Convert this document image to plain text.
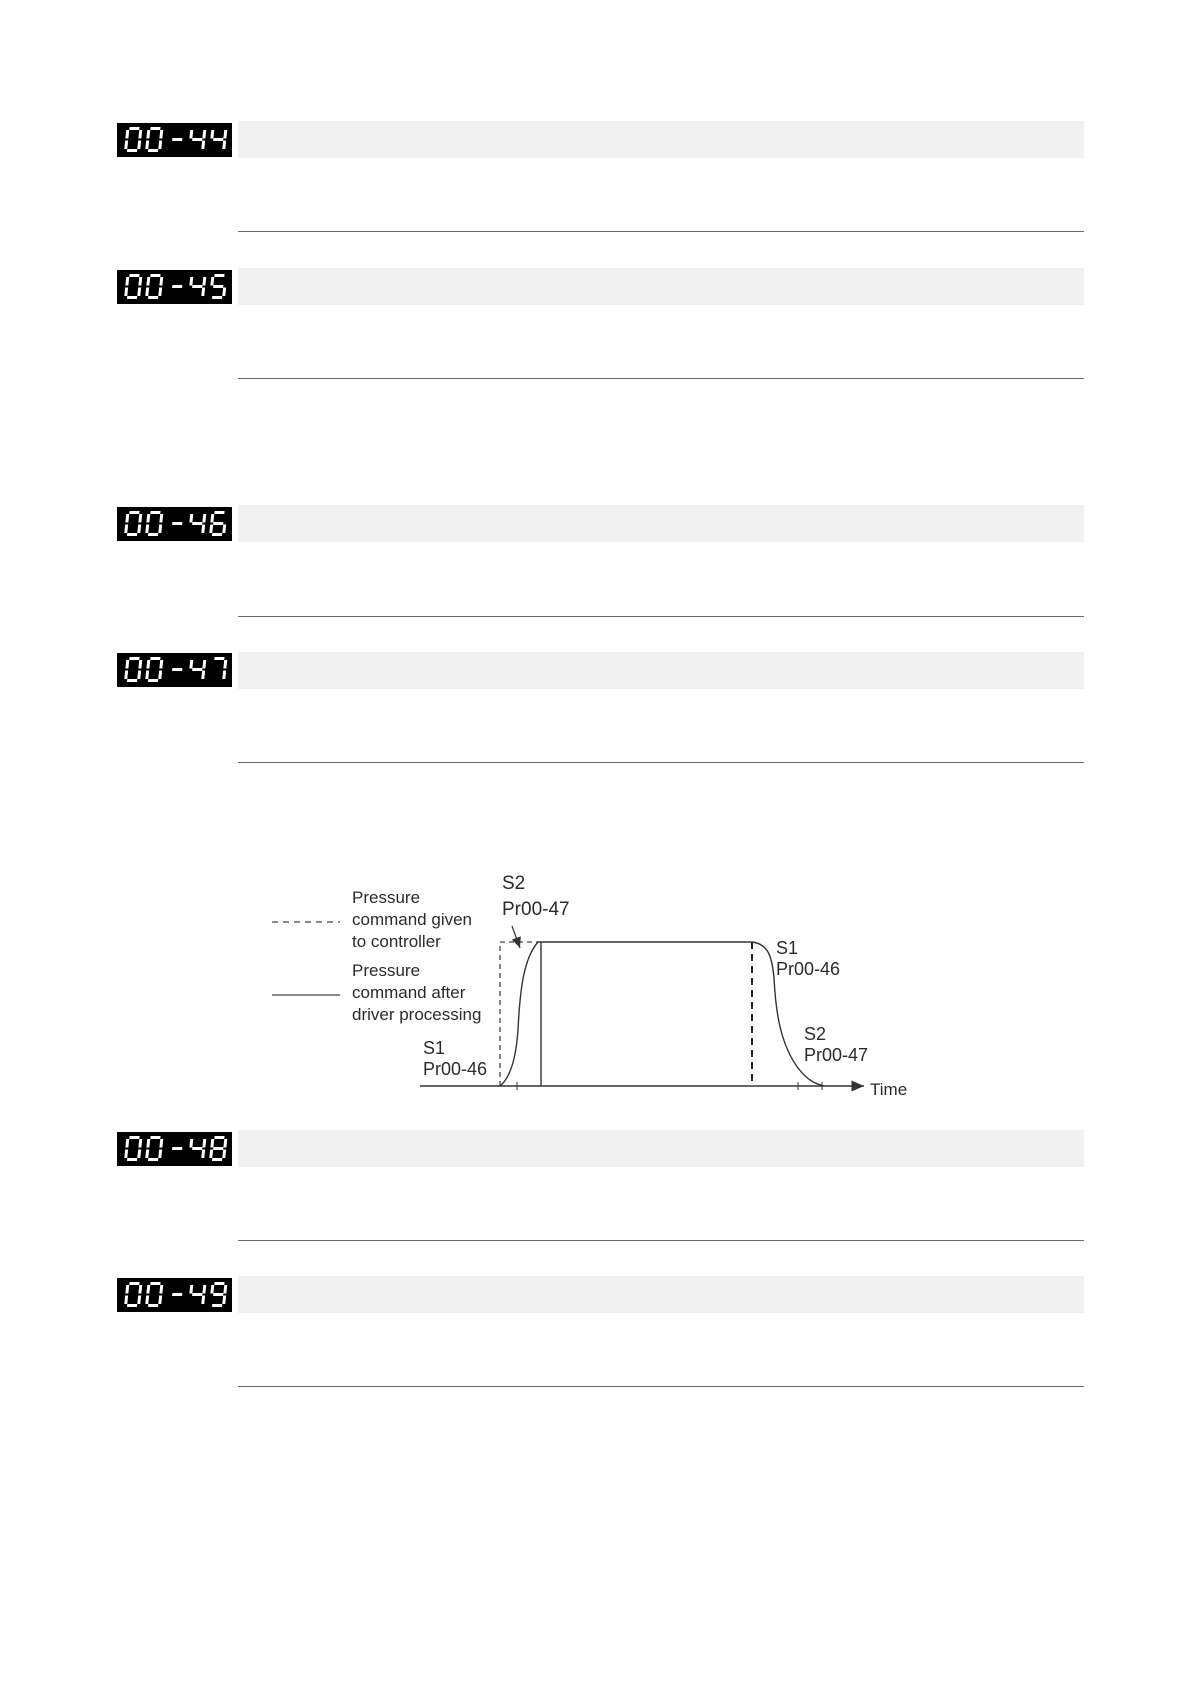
Pressure
command given
to controller
Pressure
command after
driver processing
Time
S2
Pr00-47
S1
Pr00-46
S1
Pr00-46
S2
Pr00-47
